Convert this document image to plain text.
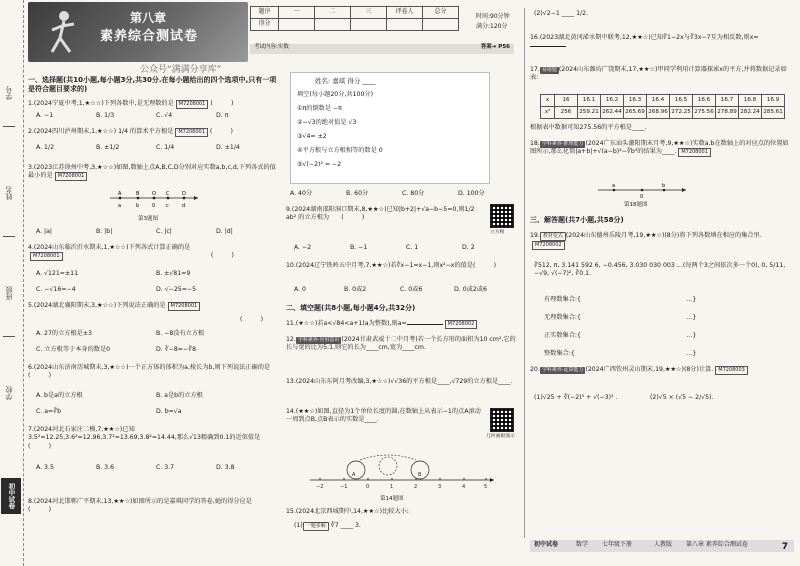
学号
姓名
班级
学校
初中试卷
第八章
素养综合测试卷
公众号“满满分享库”
题序	一	二	三	评卷人	总分
得分					
时间:90分钟
满分:120分
考试内容:实数	答案➔ P56
一、选择题(共10小题,每小题3分,共30分.在每小题给出的四个选项中,只有一项是符合题目要求的)
1.(2024宁夏中考,1,★☆☆)下列各数中,是无理数的是 M7208001 (　)
A. −1	B. 1/3	C. √4	D. π
2.(2024四川泸州期末,1,★☆☆) 1/4 的算术平方根是 M7208001 (　)
A. 1/2	B. ±1/2	C. 1/4	D. ±1/4
3.(2023江苏徐州中考,3,★☆☆)如图,数轴上点A,B,C,D分别对应实数a,b,c,d,下列各式的值最小的是 M7208001
A	B	O C	D
a	b	0 c	d
第3题图
A. |a|	B. |b|	C. |c|	D. |d|
4.(2024山东临沂沂水期末,1,★☆☆)下列各式计算正确的是
M7208001　　　　　　　　　　　　(　)
A. √121=±11	B. ±√81=9
C. −√16=−4	D. √−25=−5
5.(2024湖北襄阳期末,3,★☆☆)下列说法正确的是 M7208001
(　)
A. 27的立方根是±3	B. −8没有立方根
C. 立方根等于本身的数是0	D. ∛−8=−∛8
6.(2024山东济南历城期末,3,★☆☆)一个正方体的体积为a,棱长为b,则下列说法正确的是　(　)
A. b是a的立方根	B. a是b的立方根
C. a=∛b	D. b=√a
7.(2024河北石家庄二模,7,★★☆)已知 3.5²=12.25,3.6²=12.96,3.7²=13.69,3.8²=14.44,那么√13精确到0.1的近似值是(　)
A. 3.5	B. 3.6	C. 3.7	D. 3.8
8.(2024河北邯郸广平期末,13,★★☆)如图所示的是嘉琪同学的答卷,她的得分应是(　)
姓名: 嘉琪 得分 ____
填空(每小题20分,共100分)
①π的倒数是 −π
②−√3的绝对值是 √3
③√4= ±2
④平方根与立方根相等的数是 0
⑤√(−2)² = −2
A. 40分	B. 60分	C. 80分	D. 100分
9.(2024湖南邵阳洞口期末,8,★★☆)已知|b+2|+√a−b−5=0,则1/2 ab² 的立方根为　(　)
立方根
A. −2	B. −1	C. 1	D. 2
10.(2024辽宁铁岭五中月考,7,★★☆)若∛x−1=x−1,则x²−x的值是(　)
A. 0	B. 0或2	C. 0或6	D. 0或2或6
二、填空题(共8小题,每小题4分,共32分)
11.(★☆☆)若a<√84<a+1(a为整数),则a=	M7208002
12. 学科素养·应用意识 (2024甘肃武威十二中月考)若一个长方形的面积为10 cm²,它的长与宽的比为5:1,则它的长为____cm,宽为____cm.
13.(2024山东东阿月考改编,3,★☆☆)√√36的平方根是____,√729的立方根是____.
14.(★★☆)如图,直径为1个单位长度的圆,在数轴上从表示−1的点A滚动一周到点B,点B表示的实数是____.
几何画板演示
−2	−1	0	1	2	3	4	5
A	B
第14题图
15.(2024北京西城期中,14,★★☆)比较大小:
(1) 一题多解 ∛7 ____ 3.
(2)√2−1 ____ 1/2.
16.(2023湖北黄冈浠水期中联考,12,★★☆)已知∛1−2x与∛3x−7互为相反数,则x=
17. 易错题 (2024山东潍坊广饶期末,17,★★☆)甲同学利用计算器探索x的平方,并将数据记录如表:
x	16	16.1	16.2	16.3	16.4	16.5	16.6	16.7	16.8	16.9
x²	256	259.21	262.44	265.69	268.96	272.25	275.56	278.89	282.24	285.61
根据表中数据可知275.56的平方根是____.
18. 学科素养·推理能力 (2024广东汕头潮阳期末月考,9,★★☆)实数a,b在数轴上的对应点的位置如图所示,那么化简|a+b|+√(a−b)²−∛b³的结果为____. M7208001
a	b
0
第18题图
三、解答题(共7小题,共58分)
19. 教材变式 (2024山东德州乐陵月考,19,★★☆)(8分)将下列各数填在相应的集合里.M7208002
∛512, π, 3.141 592 6, −0.456, 3.030 030 003 …(每两个3之间依次多一个0), 0, 5/11, −√9, √(−7)², ∛0.1.
有理数集合:{　　　　　　　　　　　　　　　　　	…}
无理数集合:{　　　　　　　　　　　　　　　　　	…}
正实数集合:{　　　　　　　　　　　　　　　　　	…}
整数集合:{　　　　　　　　　　　　　　　　　　	…}
20. 学科素养·运算能力 (2024广西钦州灵山期末,19,★★☆)(8分)计算. M7208003
(1)√25 + ∛(−2)³ + √(−3)² .	(2)√5 × (√5 − 2/√5).
初中试卷	数学 七年级下册	人教版 第八章 素养综合测试卷	7
